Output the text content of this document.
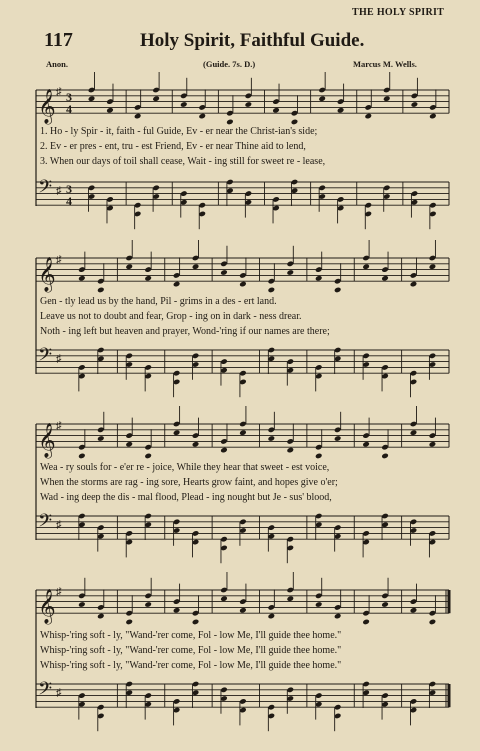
THE HOLY SPIRIT
117	Holy Spirit, Faithful Guide.
Anon.	(Guide. 7s. D.)	Marcus M. Wells.
𝄞 ♯ 3
4
𝄢 ♯ 3
4
𝄞 ♯
𝄢 ♯
𝄞 ♯
𝄢 ♯
𝄞 ♯
𝄢 ♯
1. Ho - ly Spir - it, faith - ful Guide, Ev - er near the Christ-ian's side;
2. Ev - er pres - ent, tru - est Friend, Ev - er near Thine aid to lend,
3. When our days of toil shall cease, Wait - ing still for sweet re - lease,
Gen - tly lead us by the hand, Pil - grims in a des - ert land.
Leave us not to doubt and fear, Grop - ing on in dark - ness drear.
Noth - ing left but heaven and prayer, Wond-'ring if our names are there;
Wea - ry souls for - e'er re - joice, While they hear that sweet - est voice,
When the storms are rag - ing sore, Hearts grow faint, and hopes give o'er;
Wad - ing deep the dis - mal flood, Plead - ing nought but Je - sus' blood,
Whisp-'ring soft - ly, "Wand-'rer come, Fol - low Me, I'll guide thee home."
Whisp-'ring soft - ly, "Wand-'rer come, Fol - low Me, I'll guide thee home."
Whisp-'ring soft - ly, "Wand-'rer come, Fol - low Me, I'll guide thee home."
